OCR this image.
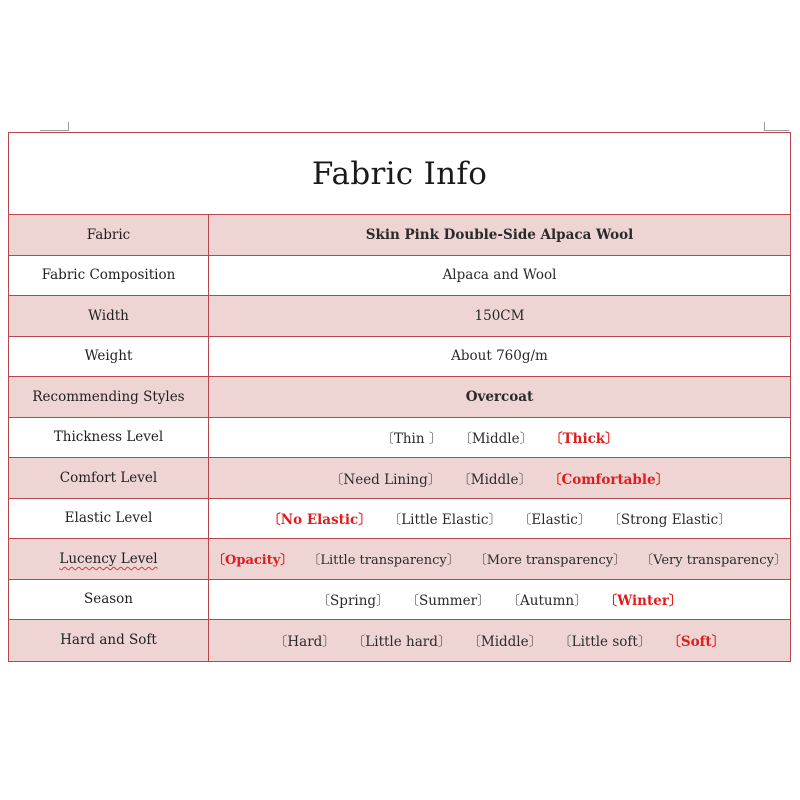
Fabric Info
Fabric	Skin Pink Double-Side Alpaca Wool
Fabric Composition	Alpaca and Wool
Width	150CM
Weight	About 760g/m
Recommending Styles	Overcoat
Thickness Level	〔Thin 〕 〔Middle〕 〔Thick〕
Comfort Level	〔Need Lining〕 〔Middle〕 〔Comfortable〕
Elastic Level	〔No Elastic〕 〔Little Elastic〕 〔Elastic〕 〔Strong Elastic〕
Lucency Level	〔Opacity〕 〔Little transparency〕 〔More transparency〕 〔Very transparency〕
Season	〔Spring〕 〔Summer〕 〔Autumn〕 〔Winter〕
Hard and Soft	〔Hard〕 〔Little hard〕 〔Middle〕 〔Little soft〕 〔Soft〕
